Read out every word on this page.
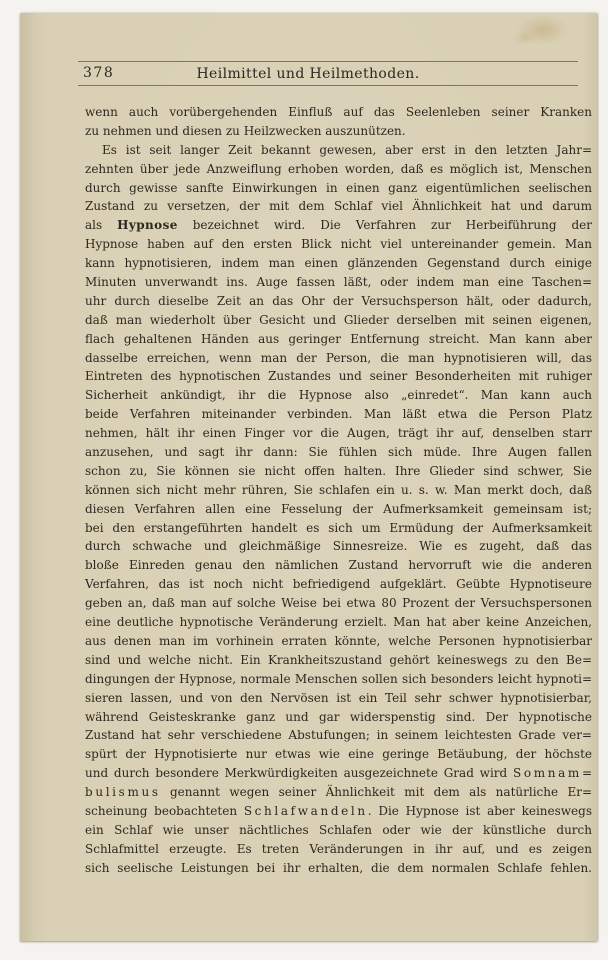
378	Heilmittel und Heilmethoden.
wenn auch vorübergehenden Einfluß auf das Seelenleben seiner Kranken
zu nehmen und diesen zu Heilzwecken auszunützen.
Es ist seit langer Zeit bekannt gewesen, aber erst in den letzten Jahr=
zehnten über jede Anzweiflung erhoben worden, daß es möglich ist, Menschen
durch gewisse sanfte Einwirkungen in einen ganz eigentümlichen seelischen
Zustand zu versetzen, der mit dem Schlaf viel Ähnlichkeit hat und darum
als Hypnose bezeichnet wird. Die Verfahren zur Herbeiführung der
Hypnose haben auf den ersten Blick nicht viel untereinander gemein. Man
kann hypnotisieren, indem man einen glänzenden Gegenstand durch einige
Minuten unverwandt ins. Auge fassen läßt, oder indem man eine Taschen=
uhr durch dieselbe Zeit an das Ohr der Versuchsperson hält, oder dadurch,
daß man wiederholt über Gesicht und Glieder derselben mit seinen eigenen,
flach gehaltenen Händen aus geringer Entfernung streicht. Man kann aber
dasselbe erreichen, wenn man der Person, die man hypnotisieren will, das
Eintreten des hypnotischen Zustandes und seiner Besonderheiten mit ruhiger
Sicherheit ankündigt, ihr die Hypnose also „einredet“. Man kann auch
beide Verfahren miteinander verbinden. Man läßt etwa die Person Platz
nehmen, hält ihr einen Finger vor die Augen, trägt ihr auf, denselben starr
anzusehen, und sagt ihr dann: Sie fühlen sich müde. Ihre Augen fallen
schon zu, Sie können sie nicht offen halten. Ihre Glieder sind schwer, Sie
können sich nicht mehr rühren, Sie schlafen ein u. s. w. Man merkt doch, daß
diesen Verfahren allen eine Fesselung der Aufmerksamkeit gemeinsam ist;
bei den erstangeführten handelt es sich um Ermüdung der Aufmerksamkeit
durch schwache und gleichmäßige Sinnesreize. Wie es zugeht, daß das
bloße Einreden genau den nämlichen Zustand hervorruft wie die anderen
Verfahren, das ist noch nicht befriedigend aufgeklärt. Geübte Hypnotiseure
geben an, daß man auf solche Weise bei etwa 80 Prozent der Versuchspersonen
eine deutliche hypnotische Veränderung erzielt. Man hat aber keine Anzeichen,
aus denen man im vorhinein erraten könnte, welche Personen hypnotisierbar
sind und welche nicht. Ein Krankheitszustand gehört keineswegs zu den Be=
dingungen der Hypnose, normale Menschen sollen sich besonders leicht hypnoti=
sieren lassen, und von den Nervösen ist ein Teil sehr schwer hypnotisierbar,
während Geisteskranke ganz und gar widerspenstig sind. Der hypnotische
Zustand hat sehr verschiedene Abstufungen; in seinem leichtesten Grade ver=
spürt der Hypnotisierte nur etwas wie eine geringe Betäubung, der höchste
und durch besondere Merkwürdigkeiten ausgezeichnete Grad wird Somnam=
bulismus genannt wegen seiner Ähnlichkeit mit dem als natürliche Er=
scheinung beobachteten Schlafwandeln. Die Hypnose ist aber keineswegs
ein Schlaf wie unser nächtliches Schlafen oder wie der künstliche durch
Schlafmittel erzeugte. Es treten Veränderungen in ihr auf, und es zeigen
sich seelische Leistungen bei ihr erhalten, die dem normalen Schlafe fehlen.
